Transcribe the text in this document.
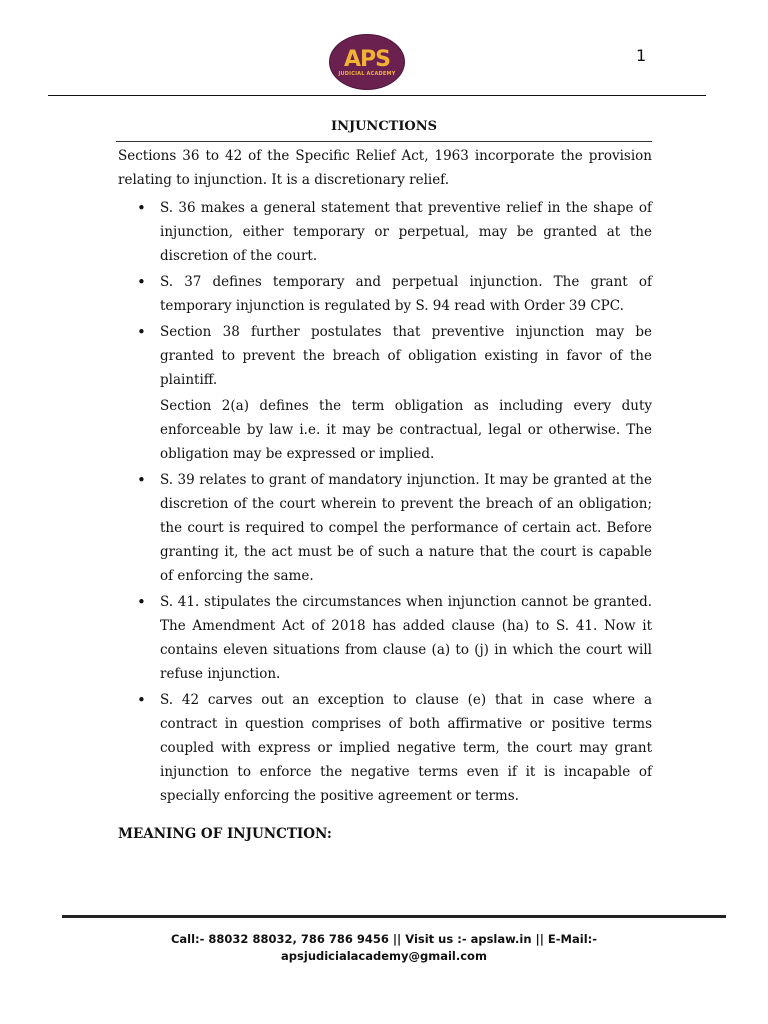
APS
JUDICIAL ACADEMY
1
INJUNCTIONS

Sections 36 to 42 of the Specific Relief Act, 1963 incorporate the provision relating to injunction. It is a discretionary relief.

• S. 36 makes a general statement that preventive relief in the shape of injunction, either temporary or perpetual, may be granted at the discretion of the court.
• S. 37 defines temporary and perpetual injunction. The grant of temporary injunction is regulated by S. 94 read with Order 39 CPC.
• Section 38 further postulates that preventive injunction may be granted to prevent the breach of obligation existing in favor of the plaintiff.

Section 2(a) defines the term obligation as including every duty enforceable by law i.e. it may be contractual, legal or otherwise. The obligation may be expressed or implied.

• S. 39 relates to grant of mandatory injunction. It may be granted at the discretion of the court wherein to prevent the breach of an obligation; the court is required to compel the performance of certain act. Before granting it, the act must be of such a nature that the court is capable of enforcing the same.
• S. 41. stipulates the circumstances when injunction cannot be granted. The Amendment Act of 2018 has added clause (ha) to S. 41. Now it contains eleven situations from clause (a) to (j) in which the court will refuse injunction.
• S. 42 carves out an exception to clause (e) that in case where a contract in question comprises of both affirmative or positive terms coupled with express or implied negative term, the court may grant injunction to enforce the negative terms even if it is incapable of specially enforcing the positive agreement or terms.
MEANING OF INJUNCTION:
Call:- 88032 88032, 786 786 9456 || Visit us :- apslaw.in || E-Mail:-
apsjudicialacademy@gmail.com
